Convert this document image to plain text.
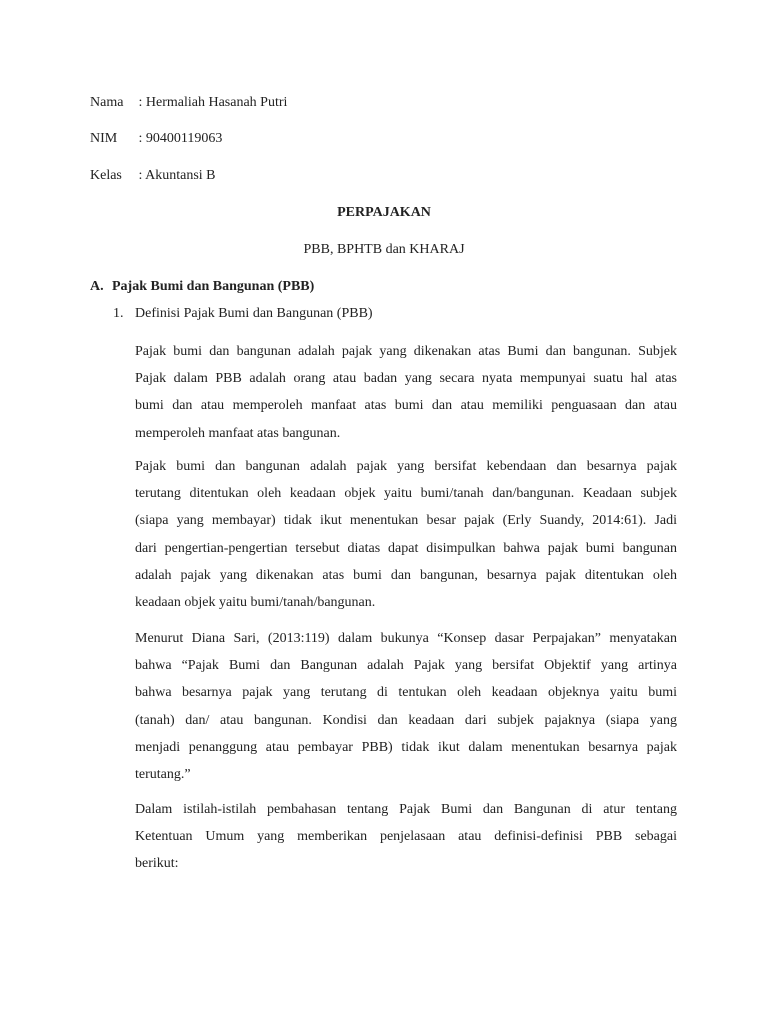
Nama : Hermaliah Hasanah Putri
NIM : 90400119063
Kelas : Akuntansi B
PERPAJAKAN
PBB, BPHTB dan KHARAJ
A. Pajak Bumi dan Bangunan (PBB)
1. Definisi Pajak Bumi dan Bangunan (PBB)
Pajak bumi dan bangunan adalah pajak yang dikenakan atas Bumi dan bangunan. Subjek
Pajak dalam PBB adalah orang atau badan yang secara nyata mempunyai suatu hal atas
bumi dan atau memperoleh manfaat atas bumi dan atau memiliki penguasaan dan atau
memperoleh manfaat atas bangunan.
Pajak bumi dan bangunan adalah pajak yang bersifat kebendaan dan besarnya pajak
terutang ditentukan oleh keadaan objek yaitu bumi/tanah dan/bangunan. Keadaan subjek
(siapa yang membayar) tidak ikut menentukan besar pajak (Erly Suandy, 2014:61). Jadi
dari pengertian-pengertian tersebut diatas dapat disimpulkan bahwa pajak bumi bangunan
adalah pajak yang dikenakan atas bumi dan bangunan, besarnya pajak ditentukan oleh
keadaan objek yaitu bumi/tanah/bangunan.
Menurut Diana Sari, (2013:119) dalam bukunya “Konsep dasar Perpajakan” menyatakan
bahwa “Pajak Bumi dan Bangunan adalah Pajak yang bersifat Objektif yang artinya
bahwa besarnya pajak yang terutang di tentukan oleh keadaan objeknya yaitu bumi
(tanah) dan/ atau bangunan. Kondisi dan keadaan dari subjek pajaknya (siapa yang
menjadi penanggung atau pembayar PBB) tidak ikut dalam menentukan besarnya pajak
terutang.”
Dalam istilah-istilah pembahasan tentang Pajak Bumi dan Bangunan di atur tentang
Ketentuan Umum yang memberikan penjelasaan atau definisi-definisi PBB sebagai
berikut:
